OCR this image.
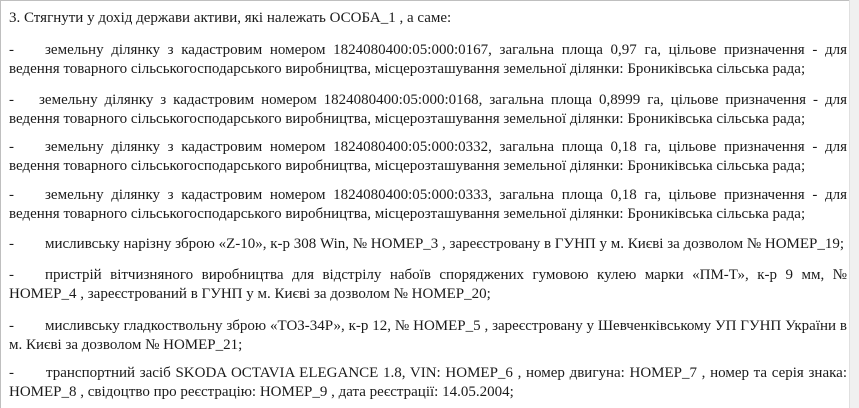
3. Стягнути у дохід держави активи, які належать ОСОБА_1 , а саме:
- земельну ділянку з кадастровим номером 1824080400:05:000:0167, загальна площа 0,97 га, цільове призначення - для ведення товарного сільськогосподарського виробництва, місцерозташування земельної ділянки: Брониківська сільська рада;
- земельну ділянку з кадастровим номером 1824080400:05:000:0168, загальна площа 0,8999 га, цільове призначення - для ведення товарного сільськогосподарського виробництва, місцерозташування земельної ділянки: Брониківська сільська рада;
- земельну ділянку з кадастровим номером 1824080400:05:000:0332, загальна площа 0,18 га, цільове призначення - для ведення товарного сільськогосподарського виробництва, місцерозташування земельної ділянки: Брониківська сільська рада;
- земельну ділянку з кадастровим номером 1824080400:05:000:0333, загальна площа 0,18 га, цільове призначення - для ведення товарного сільськогосподарського виробництва, місцерозташування земельної ділянки: Брониківська сільська рада;
- мисливську нарізну зброю «Z-10», к-р 308 Win, № НОМЕР_3 , зареєстровану в ГУНП у м. Києві за дозволом № НОМЕР_19;
- пристрій вітчизняного виробництва для відстрілу набоїв споряджених гумовою кулею марки «ПМ-Т», к-р 9 мм, № НОМЕР_4 , зареєстрований в ГУНП у м. Києві за дозволом № НОМЕР_20;
- мисливську гладкоствольну зброю «ТОЗ-34Р», к-р 12, № НОМЕР_5 , зареєстровану у Шевченківському УП ГУНП України в м. Києві за дозволом № НОМЕР_21;
- транспортний засіб SKODA OCTAVIA ELEGANCE 1.8, VIN: НОМЕР_6 , номер двигуна: НОМЕР_7 , номер та серія знака: НОМЕР_8 , свідоцтво про реєстрацію: НОМЕР_9 , дата реєстрації: 14.05.2004;
